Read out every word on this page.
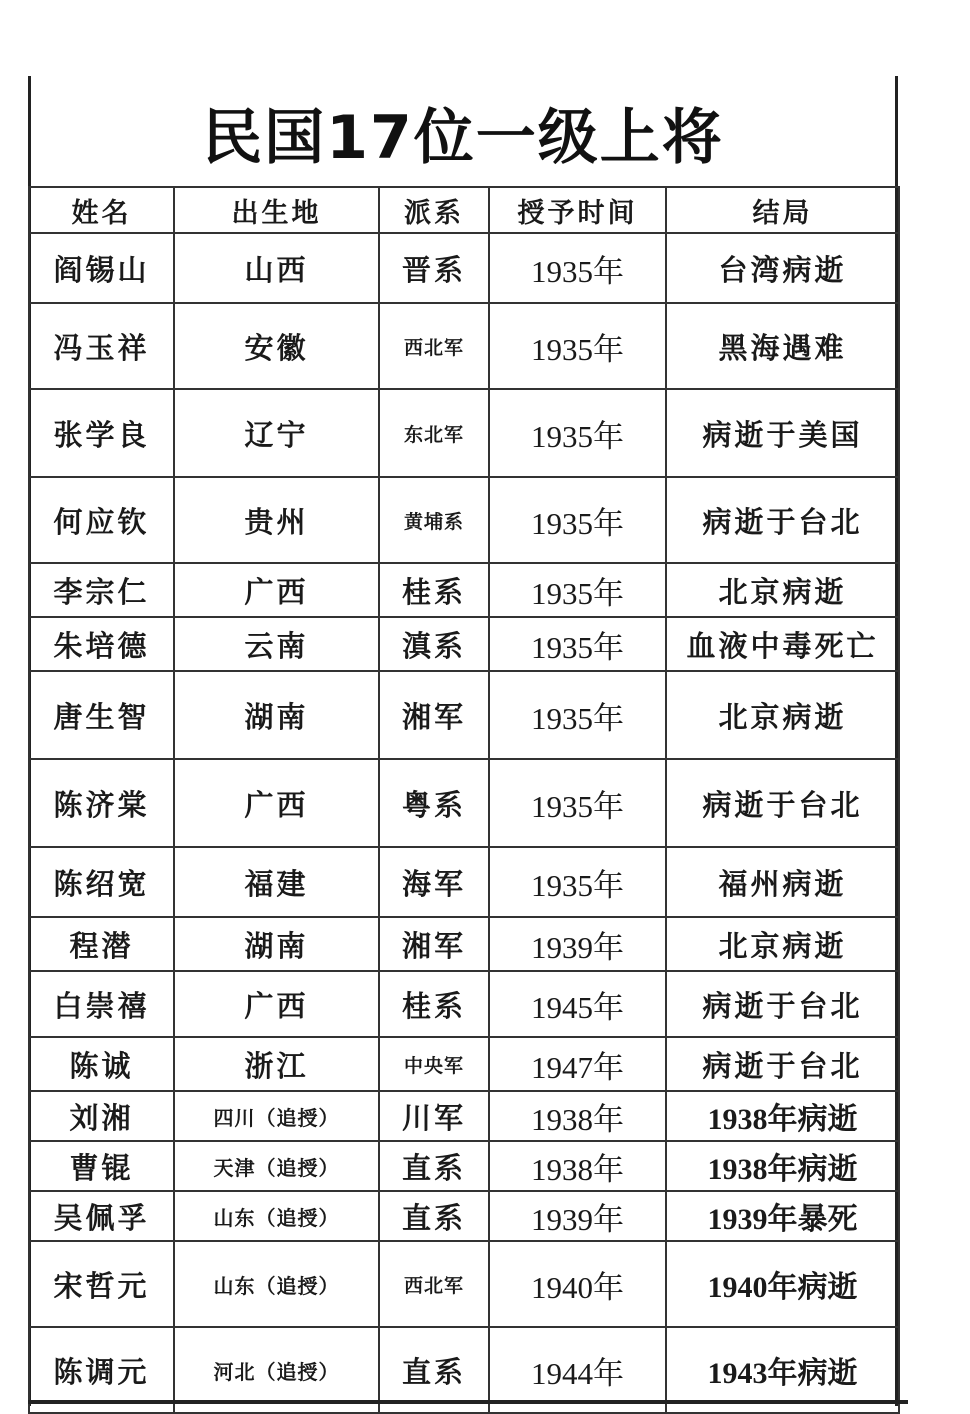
民国17位一级上将
姓名	出生地	派系	授予时间	结局
阎锡山	山西	晋系	1935年	台湾病逝
冯玉祥	安徽	西北军	1935年	黑海遇难
张学良	辽宁	东北军	1935年	病逝于美国
何应钦	贵州	黄埔系	1935年	病逝于台北
李宗仁	广西	桂系	1935年	北京病逝
朱培德	云南	滇系	1935年	血液中毒死亡
唐生智	湖南	湘军	1935年	北京病逝
陈济棠	广西	粤系	1935年	病逝于台北
陈绍宽	福建	海军	1935年	福州病逝
程潜	湖南	湘军	1939年	北京病逝
白崇禧	广西	桂系	1945年	病逝于台北
陈诚	浙江	中央军	1947年	病逝于台北
刘湘	四川（追授）	川军	1938年	1938年病逝
曹锟	天津（追授）	直系	1938年	1938年病逝
吴佩孚	山东（追授）	直系	1939年	1939年暴死
宋哲元	山东（追授）	西北军	1940年	1940年病逝
陈调元	河北（追授）	直系	1944年	1943年病逝
